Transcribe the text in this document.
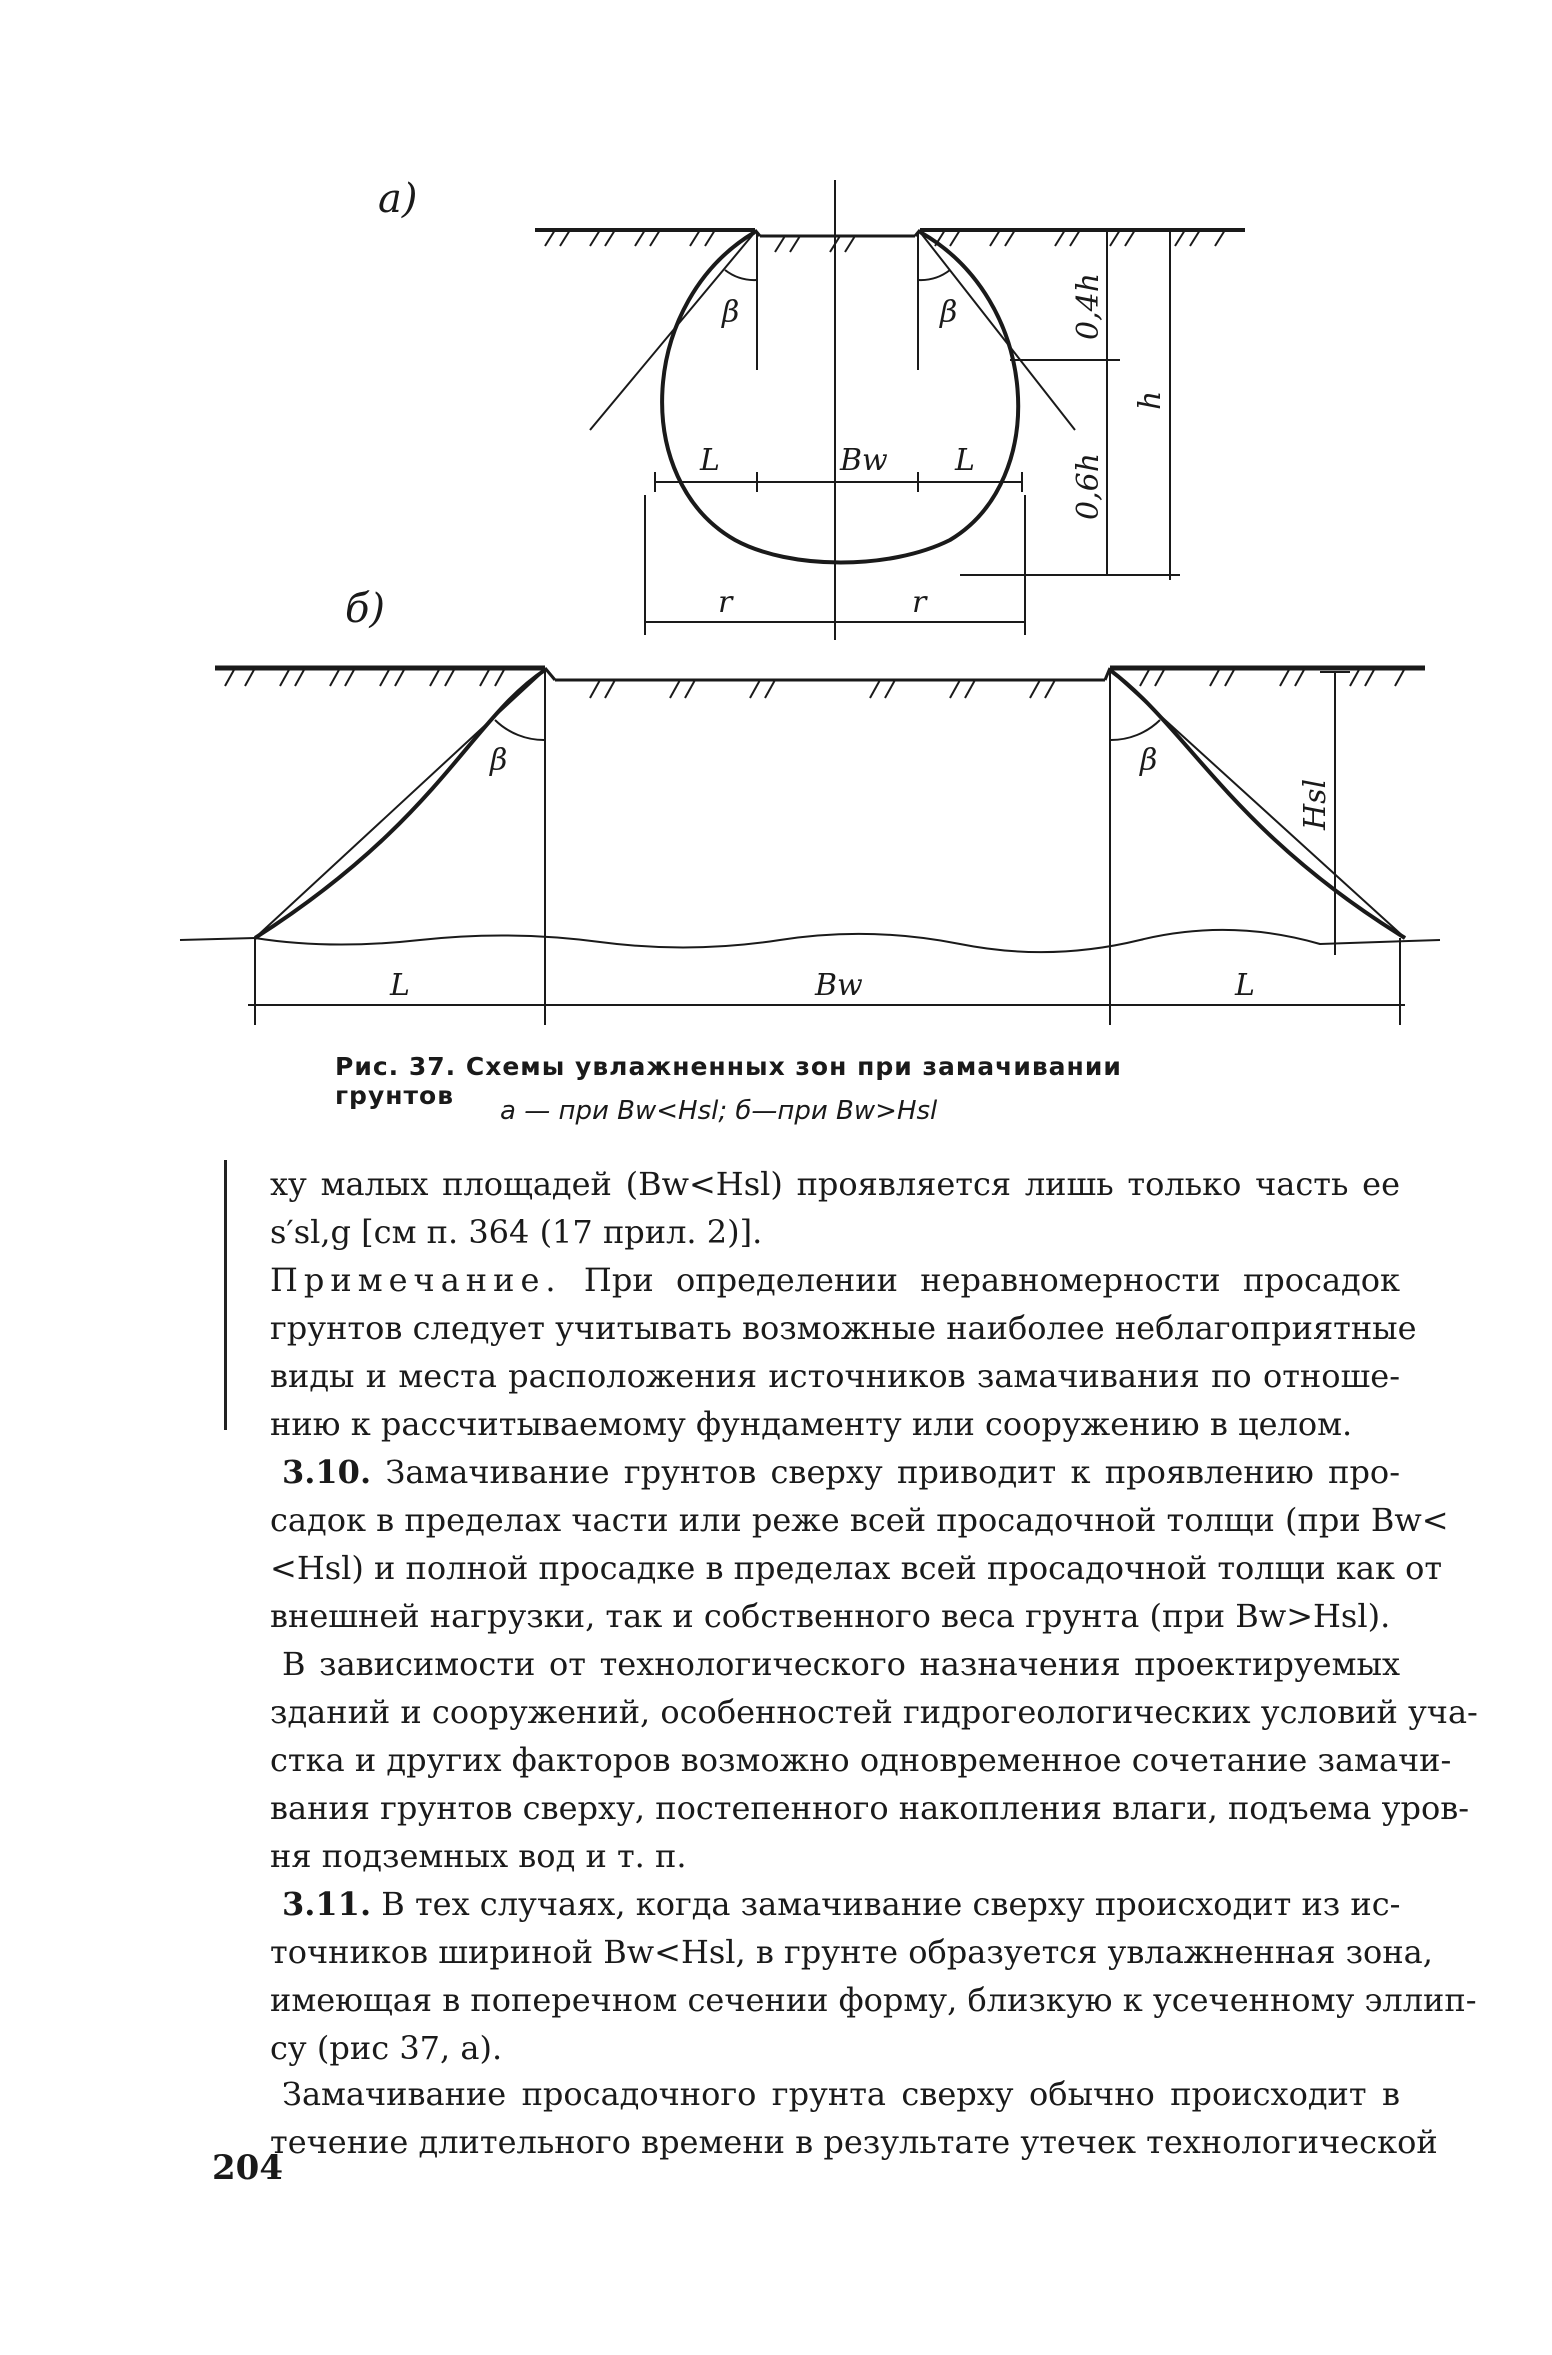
а)
б)
β	β
L	Bw L
r	r
0,4h
0,6h
h
β	β
Hsl
L	Bw	L

Рис. 37. Схемы увлажненных зон при замачивании грунтов

а — при Bw<Hsl; б—при Bw>Hsl

ху малых площадей (Bw<Hsl) проявляется лишь только часть ее
s′sl,g [см п. 364 (17 прил. 2)].
Примечание. При определении неравномерности просадок
грунтов следует учитывать возможные наиболее неблагоприятные
виды и места расположения источников замачивания по отноше-
нию к рассчитываемому фундаменту или сооружению в целом.
3.10. Замачивание грунтов сверху приводит к проявлению про-
садок в пределах части или реже всей просадочной толщи (при Bw<
<Hsl) и полной просадке в пределах всей просадочной толщи как от
внешней нагрузки, так и собственного веса грунта (при Bw>Hsl).
В зависимости от технологического назначения проектируемых
зданий и сооружений, особенностей гидрогеологических условий уча-
стка и других факторов возможно одновременное сочетание замачи-
вания грунтов сверху, постепенного накопления влаги, подъема уров-
ня подземных вод и т. п.
3.11. В тех случаях, когда замачивание сверху происходит из ис-
точников шириной Bw<Hsl, в грунте образуется увлажненная зона,
имеющая в поперечном сечении форму, близкую к усеченному эллип-
су (рис 37, а).
Замачивание просадочного грунта сверху обычно происходит в
течение длительного времени в результате утечек технологической

204
